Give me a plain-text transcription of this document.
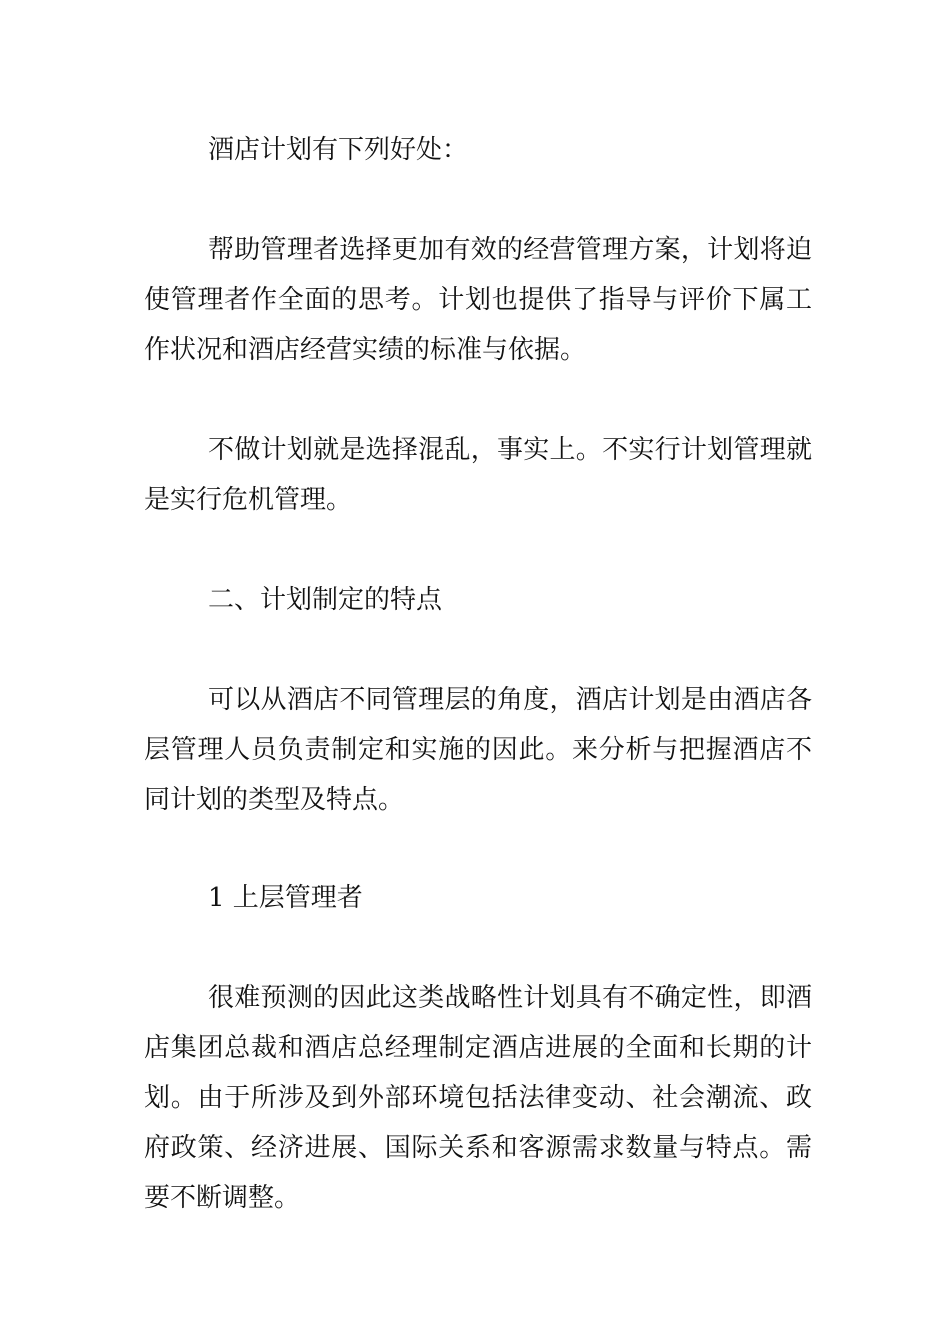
酒店计划有下列好处：

帮助管理者选择更加有效的经营管理方案，计划将迫使管理者作全面的思考。计划也提供了指导与评价下属工作状况和酒店经营实绩的标准与依据。

不做计划就是选择混乱，事实上。不实行计划管理就是实行危机管理。

二、计划制定的特点

可以从酒店不同管理层的角度，酒店计划是由酒店各层管理人员负责制定和实施的因此。来分析与把握酒店不同计划的类型及特点。

1 上层管理者

很难预测的因此这类战略性计划具有不确定性，即酒店集团总裁和酒店总经理制定酒店进展的全面和长期的计划。由于所涉及到外部环境包括法律变动、社会潮流、政府政策、经济进展、国际关系和客源需求数量与特点。需要不断调整。
